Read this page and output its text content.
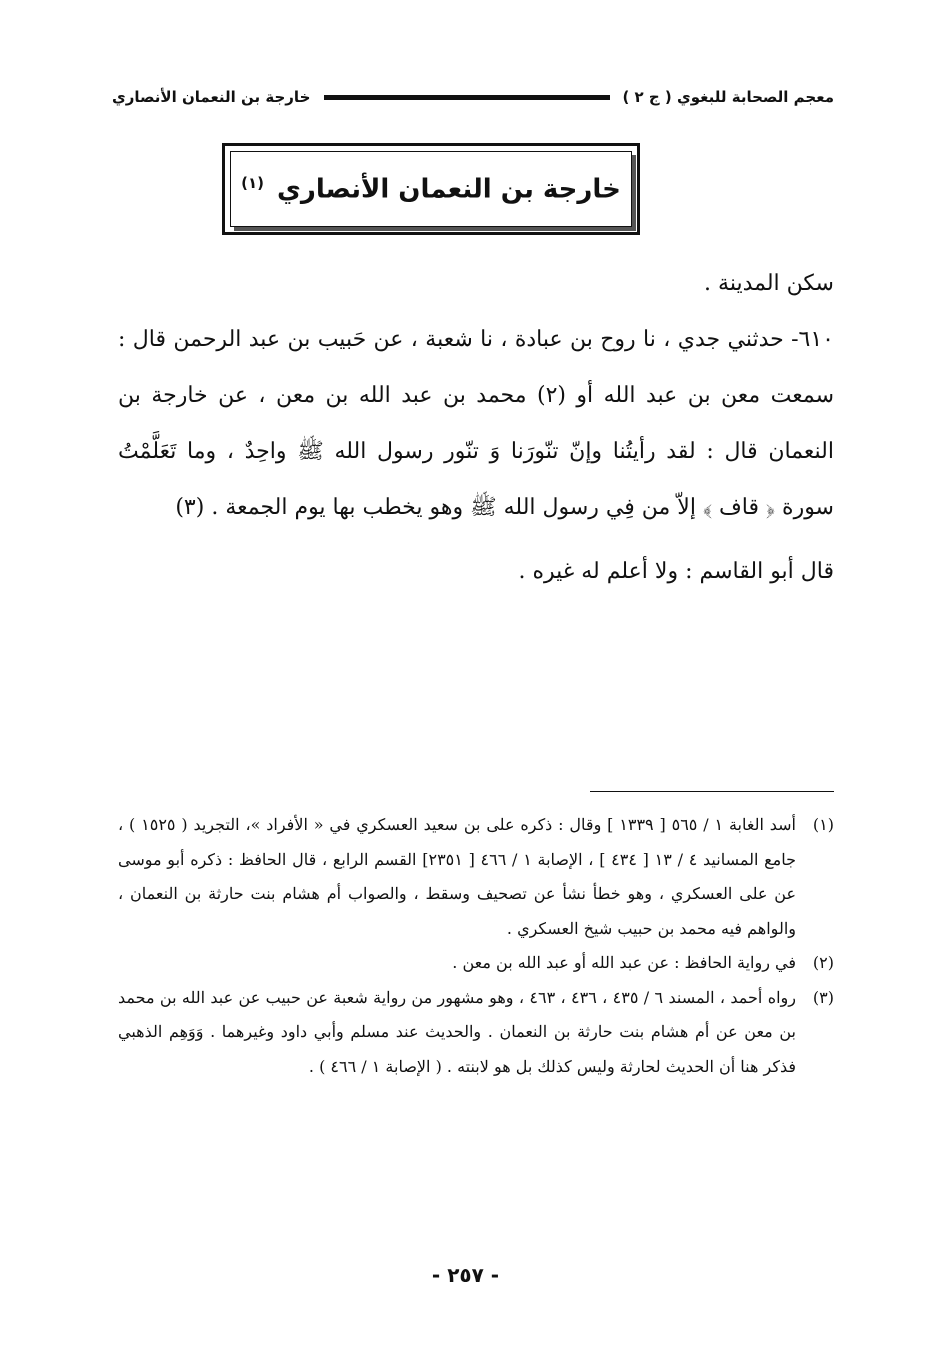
معجم الصحابة للبغوي ( ج ٢ )
خارجة بن النعمان الأنصاري
خارجة بن النعمان الأنصاري $^{(١)}$

سكن المدينة .

٦١٠- حدثني جدي ، نا روح بن عبادة ، نا شعبة ، عن حَبيب بن عبد الرحمن قال : سمعت معن بن عبد الله أو (٢) محمد بن عبد الله بن معن ، عن خارجة بن النعمان قال : لقد رأيتُنا وإنّ تنّورَنا وَ تنّور رسول الله ﷺ واحِدٌ ، وما تَعَلَّمْتُ سورة ﴿ قاف ﴾ إلاّ من فِي رسول الله ﷺ وهو يخطب بها يوم الجمعة . (٣)

قال أبو القاسم : ولا أعلم له غيره .

(١)
أسد الغابة ١ / ٥٦٥ [ ١٣٣٩ ] وقال : ذكره على بن سعيد العسكري في « الأفراد »، التجريد ( ١٥٢٥ ) ، جامع المسانيد ٤ / ١٣ [ ٤٣٤ ] ، الإصابة ١ / ٤٦٦ [ ٢٣٥١] القسم الرابع ، قال الحافظ : ذكره أبو موسى عن على العسكري ، وهو خطأ نشأ عن تصحيف وسقط ، والصواب أم هشام بنت حارثة بن النعمان ، والواهم فيه محمد بن حبيب شيخ العسكري .
(٢)
في رواية الحافظ : عن عبد الله أو عبد الله بن معن .
(٣)
رواه أحمد ، المسند ٦ / ٤٣٥ ، ٤٣٦ ، ٤٦٣ ، وهو مشهور من رواية شعبة عن حبيب عن عبد الله بن محمد بن معن عن أم هشام بنت حارثة بن النعمان . والحديث عند مسلم وأبي داود وغيرهما . وَوَهِم الذهبي فذكر هنا أن الحديث لحارثة وليس كذلك بل هو لابنته . ( الإصابة ١ / ٤٦٦ ) .
- ٢٥٧ -
